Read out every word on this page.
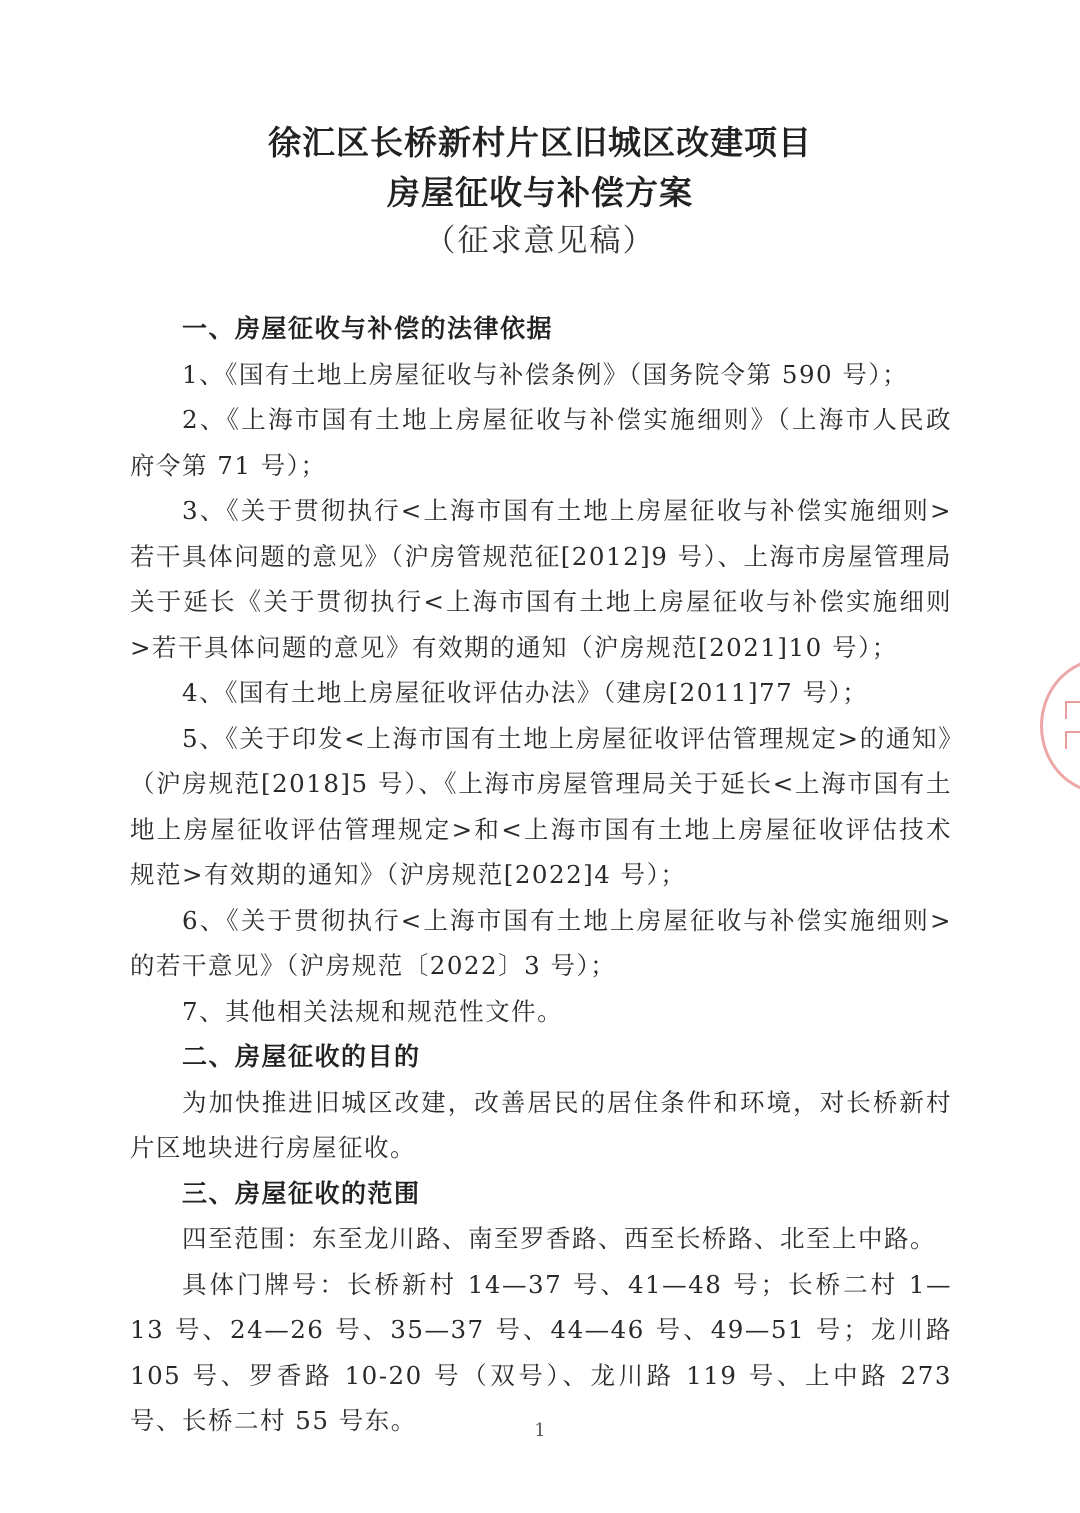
徐汇区长桥新村片区旧城区改建项目
房屋征收与补偿方案
（征求意见稿）

一、房屋征收与补偿的法律依据

1、《国有土地上房屋征收与补偿条例》（国务院令第 590 号）；

2、《上海市国有土地上房屋征收与补偿实施细则》（上海市人民政府令第 71 号）；

3、《关于贯彻执行<上海市国有土地上房屋征收与补偿实施细则>若干具体问题的意见》（沪房管规范征[2012]9 号）、上海市房屋管理局关于延长《关于贯彻执行<上海市国有土地上房屋征收与补偿实施细则>若干具体问题的意见》有效期的通知（沪房规范[2021]10 号）；

4、《国有土地上房屋征收评估办法》（建房[2011]77 号）；

5、《关于印发<上海市国有土地上房屋征收评估管理规定>的通知》（沪房规范[2018]5 号）、《上海市房屋管理局关于延长<上海市国有土地上房屋征收评估管理规定>和<上海市国有土地上房屋征收评估技术规范>有效期的通知》（沪房规范[2022]4 号）；

6、《关于贯彻执行<上海市国有土地上房屋征收与补偿实施细则>的若干意见》（沪房规范〔2022〕3 号）；

7、其他相关法规和规范性文件。

二、房屋征收的目的

为加快推进旧城区改建，改善居民的居住条件和环境，对长桥新村片区地块进行房屋征收。

三、房屋征收的范围

四至范围：东至龙川路、南至罗香路、西至长桥路、北至上中路。

具体门牌号：长桥新村 14—37 号、41—48 号；长桥二村 1—13 号、24—26 号、35—37 号、44—46 号、49—51 号；龙川路 105 号、罗香路 10-20 号（双号）、龙川路 119 号、上中路 273 号、长桥二村 55 号东。	1
